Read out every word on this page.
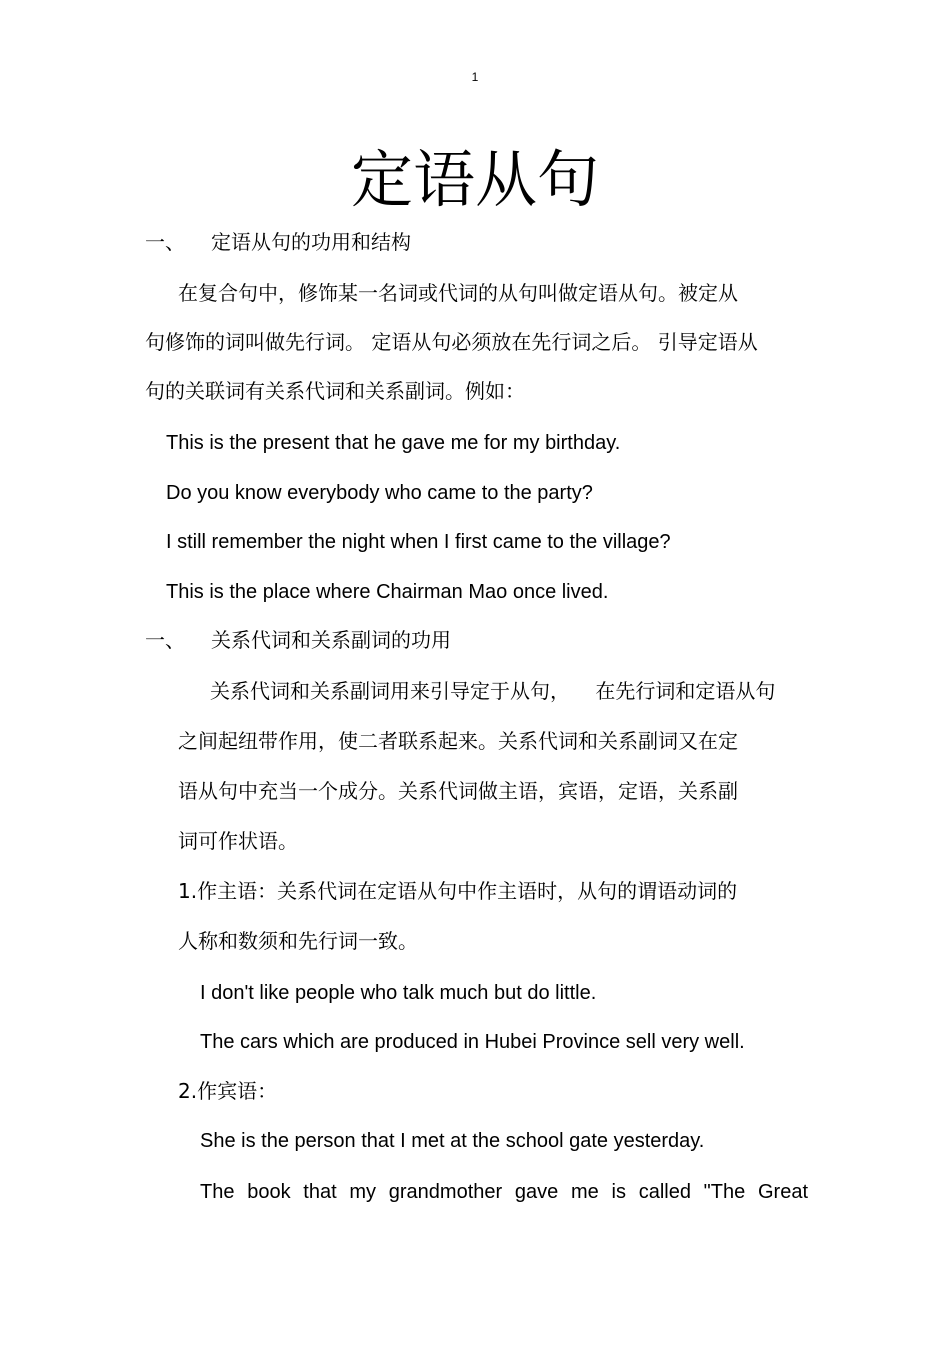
1
定语从句
一、 定语从句的功用和结构
在复合句中，修饰某一名词或代词的从句叫做定语从句。被定从
句修饰的词叫做先行词。 定语从句必须放在先行词之后。 引导定语从
句的关联词有关系代词和关系副词。例如：
This is the present that he gave me for my birthday.
Do you know everybody who came to the party?
I still remember the night when I first came to the village?
This is the place where Chairman Mao once lived.
一、 关系代词和关系副词的功用
关系代词和关系副词用来引导定于从句，    在先行词和定语从句
之间起纽带作用，使二者联系起来。关系代词和关系副词又在定
语从句中充当一个成分。关系代词做主语，宾语，定语，关系副
词可作状语。
1.作主语：关系代词在定语从句中作主语时，从句的谓语动词的
人称和数须和先行词一致。
I don't like people who talk much but do little.
The cars which are produced in Hubei Province sell very well.
2.作宾语：
She is the person that I met at the school gate yesterday.
The book that my grandmother gave me is called "The Great
